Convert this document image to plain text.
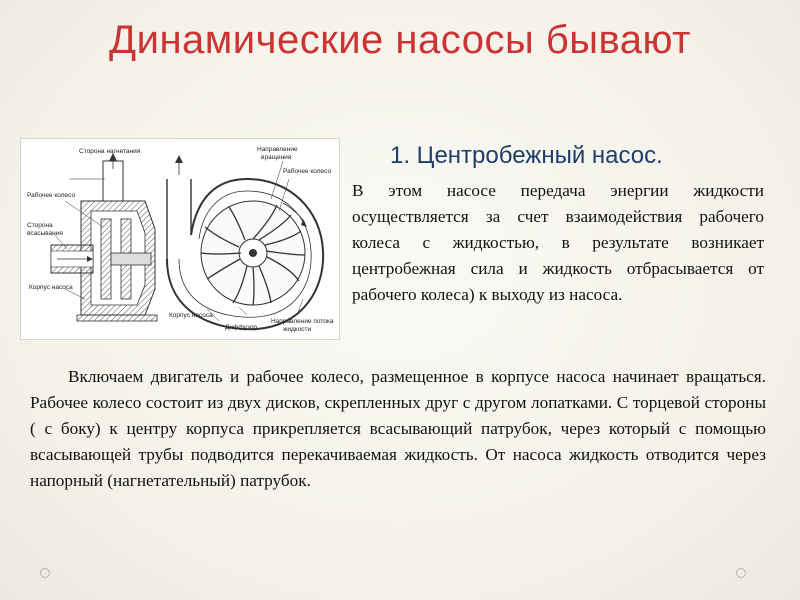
Динамические насосы бывают
Сторона нагнетания
Рабочее колесо
Сторона
всасывания
Корпус насоса
Направление
вращения
Рабочее колесо
Корпус насоса
Диффузор
Направление потока
жидкости
1. Центробежный насос.
В этом насосе передача энергии жидкости осуществляется за счет взаимодействия рабочего колеса с жидкостью, в результате возникает центробежная сила и жидкость отбрасывается от рабочего колеса) к выходу из насоса.
Включаем двигатель и рабочее колесо, размещенное в корпусе насоса начинает вращаться. Рабочее колесо состоит из двух дисков, скрепленных друг с другом лопатками. С торцевой стороны ( с боку) к центру корпуса прикрепляется всасывающий патрубок, через который с помощью всасывающей трубы подводится перекачиваемая жидкость. От насоса жидкость отводится через напорный (нагнетательный) патрубок.
